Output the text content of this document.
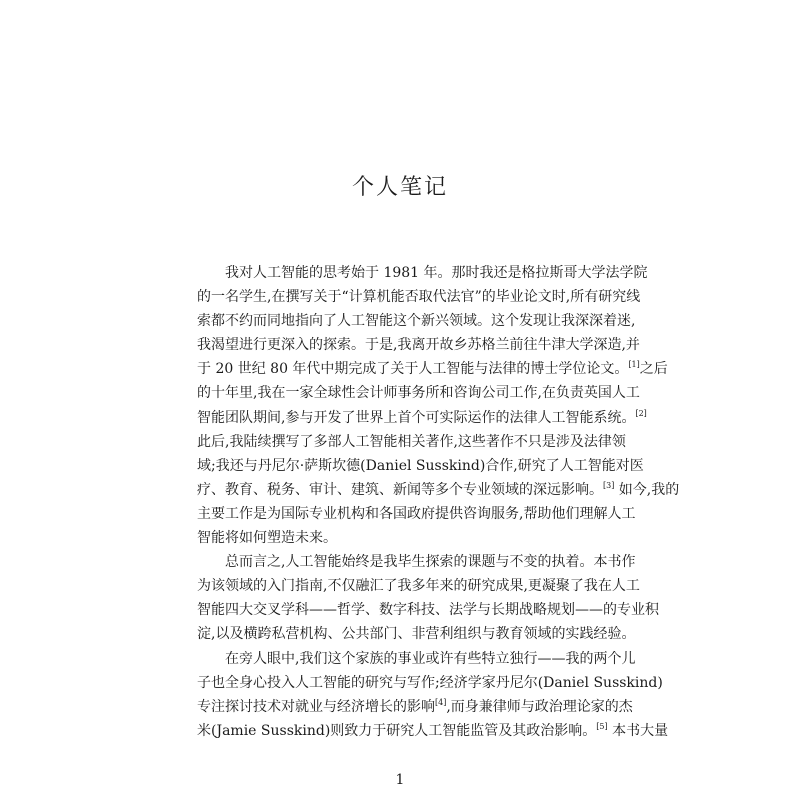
个人笔记
我对人工智能的思考始于 1981 年。那时我还是格拉斯哥大学法学院
的一名学生,在撰写关于“计算机能否取代法官”的毕业论文时,所有研究线
索都不约而同地指向了人工智能这个新兴领域。这个发现让我深深着迷,
我渴望进行更深入的探索。于是,我离开故乡苏格兰前往牛津大学深造,并
于 20 世纪 80 年代中期完成了关于人工智能与法律的博士学位论文。[1]之后
的十年里,我在一家全球性会计师事务所和咨询公司工作,在负责英国人工
智能团队期间,参与开发了世界上首个可实际运作的法律人工智能系统。[2]
此后,我陆续撰写了多部人工智能相关著作,这些著作不只是涉及法律领
域;我还与丹尼尔·萨斯坎德(Daniel Susskind)合作,研究了人工智能对医
疗、教育、税务、审计、建筑、新闻等多个专业领域的深远影响。[3] 如今,我的
主要工作是为国际专业机构和各国政府提供咨询服务,帮助他们理解人工
智能将如何塑造未来。
总而言之,人工智能始终是我毕生探索的课题与不变的执着。本书作
为该领域的入门指南,不仅融汇了我多年来的研究成果,更凝聚了我在人工
智能四大交叉学科——哲学、数字科技、法学与长期战略规划——的专业积
淀,以及横跨私营机构、公共部门、非营利组织与教育领域的实践经验。
在旁人眼中,我们这个家族的事业或许有些特立独行——我的两个儿
子也全身心投入人工智能的研究与写作;经济学家丹尼尔(Daniel Susskind)
专注探讨技术对就业与经济增长的影响[4],而身兼律师与政治理论家的杰
米(Jamie Susskind)则致力于研究人工智能监管及其政治影响。[5] 本书大量
1
